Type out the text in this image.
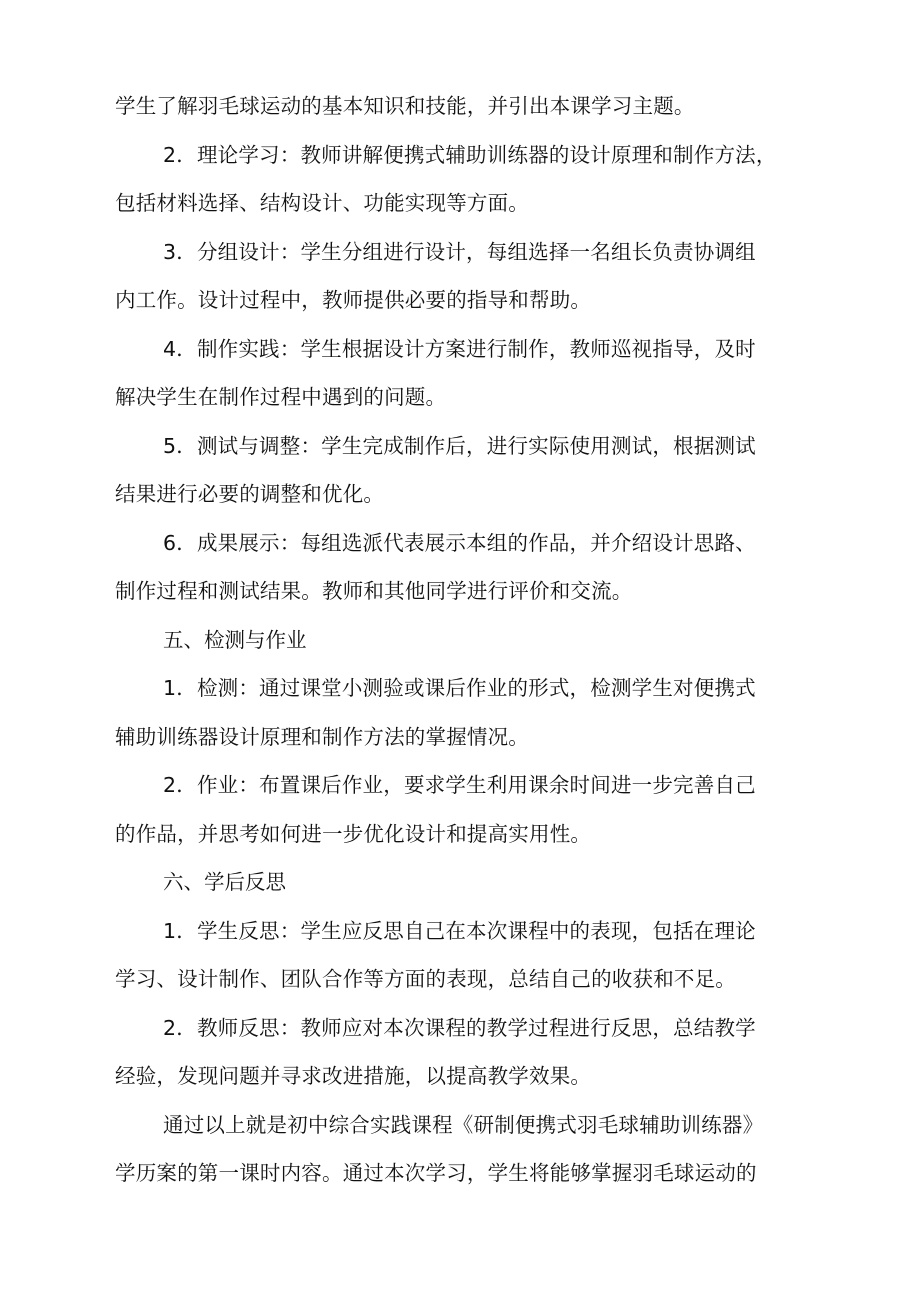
学生了解羽毛球运动的基本知识和技能，并引出本课学习主题。

2．理论学习：教师讲解便携式辅助训练器的设计原理和制作方法，
包括材料选择、结构设计、功能实现等方面。

3．分组设计：学生分组进行设计，每组选择一名组长负责协调组
内工作。设计过程中，教师提供必要的指导和帮助。

4．制作实践：学生根据设计方案进行制作，教师巡视指导，及时
解决学生在制作过程中遇到的问题。

5．测试与调整：学生完成制作后，进行实际使用测试，根据测试
结果进行必要的调整和优化。

6．成果展示：每组选派代表展示本组的作品，并介绍设计思路、
制作过程和测试结果。教师和其他同学进行评价和交流。

五、检测与作业

1．检测：通过课堂小测验或课后作业的形式，检测学生对便携式
辅助训练器设计原理和制作方法的掌握情况。

2．作业：布置课后作业，要求学生利用课余时间进一步完善自己
的作品，并思考如何进一步优化设计和提高实用性。

六、学后反思

1．学生反思：学生应反思自己在本次课程中的表现，包括在理论
学习、设计制作、团队合作等方面的表现，总结自己的收获和不足。

2．教师反思：教师应对本次课程的教学过程进行反思，总结教学
经验，发现问题并寻求改进措施，以提高教学效果。

通过以上就是初中综合实践课程《研制便携式羽毛球辅助训练器》
学历案的第一课时内容。通过本次学习，学生将能够掌握羽毛球运动的
